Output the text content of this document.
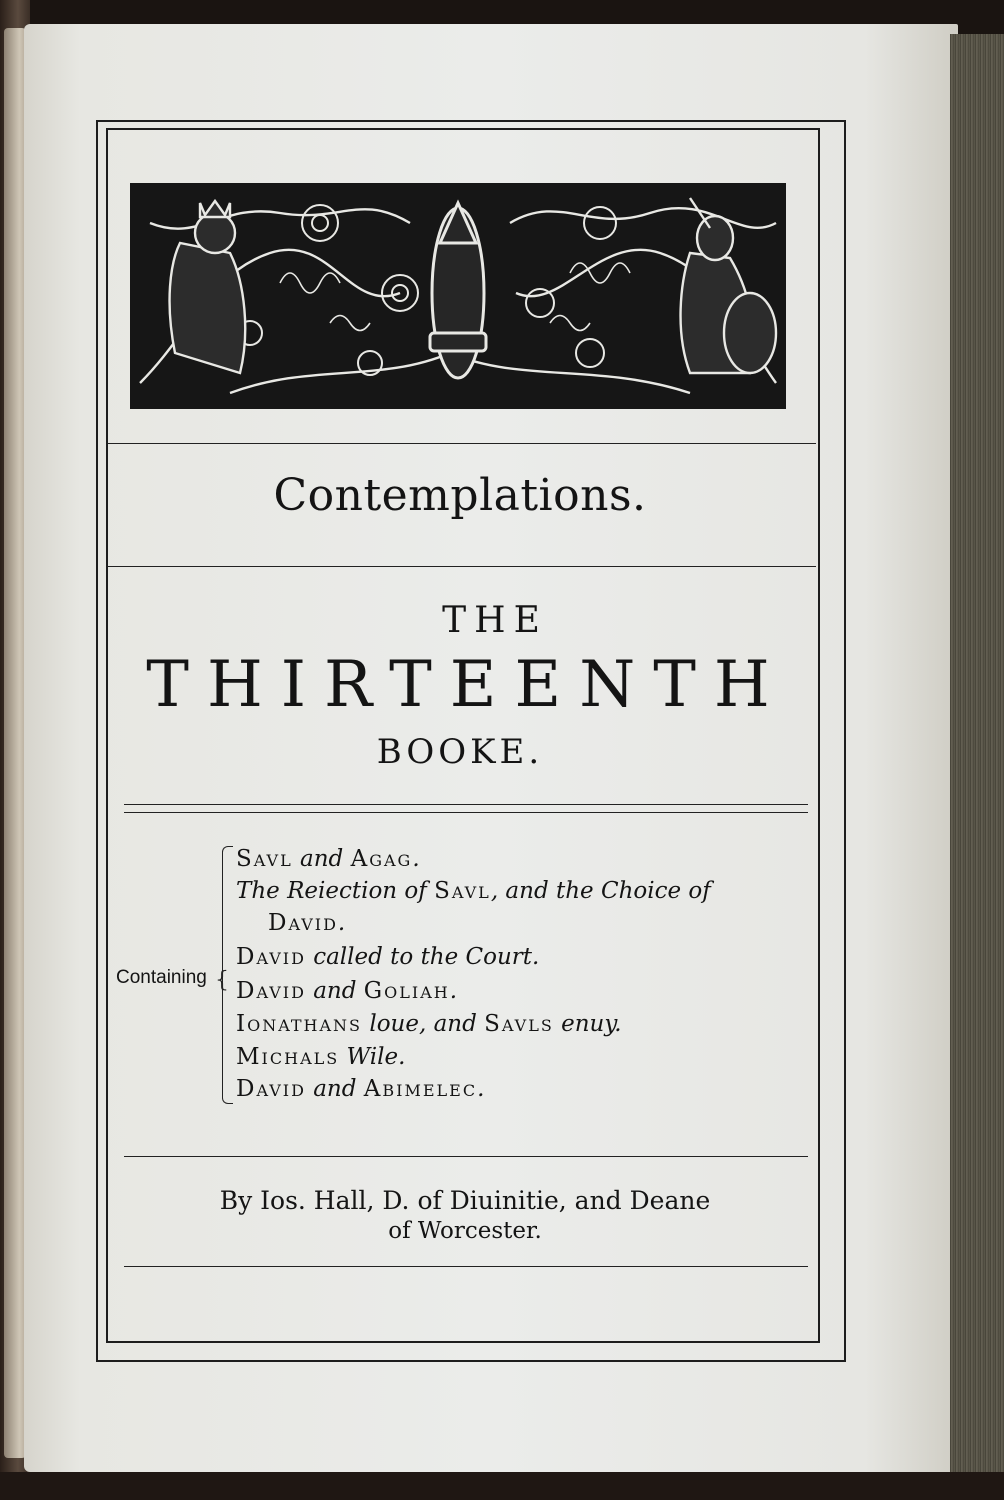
Contemplations.
THE
THIRTEENTH
BOOKE.
Containing {
Savl and Agag.
The Reiection of Savl, and the Choice of
David.
David called to the Court.
David and Goliah.
Ionathans loue, and Savls enuy.
Michals Wile.
David and Abimelec.
By Ios. Hall, D. of Diuinitie, and Deane
of Worcester.
